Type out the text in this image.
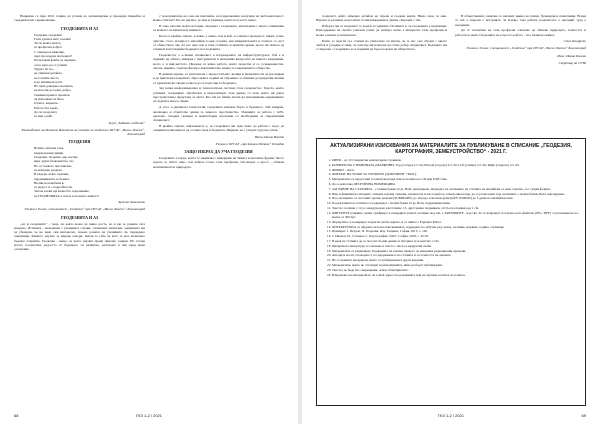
Надяваме се през 2021 година да успеем да организираме и проведем mъщебно и съдържателно съревнование.

ГЕОДЕЗИЯТА И АЗ

Геодезия, геодезия!

Гали душата като поезия!

Ти си моята мечта,

за професия добра!

С алидада и нивелир,

през прозореца погледнат!

Получавам факти за черпене,

а все едно да се учиме!

Трудът бе по-,

да снимаш детайла,

на точните места

и да напишеш кота!

Но щом довърша поезията,

на мен ми досадно-добро.

Снимки правя в проекти,

си изпълвам си бяло.

Отчета, карнети...

Работа без край...

Да си геодезист,

за мен е рай!

Клуб „Забавна геодезия“

Ръководител на Игнатов Валентин за ученика по геодезия в ПГСАГ „Васил Левски“, Благоевград

ГЕОДЕЗИЯ

Всичко започва така,

първи крачки зрими.

Геодезия, ти ценно дар носиш

вяра чудна безкористно със.

Но за тънкото пресмятане

не измерих раздела.

В кадъра, която правиш,

предизвикател за белите.

Вълни на влюбени в,

за радост и с подробности.

Затова всеки ще казва без задължение,

не ГЕОДЕЗИЯТА в полза за всекиго живота!

Христо Чавелинов

Ученик в 8 клас, специалност „Геодезия“ при ПГСАГ „Васил Левски“, Благоевград

ГЕОДЕЗИЯТА И АЗ

„Аз и геодезията“ - тема, по която може да пиша доста, но я ще се радвам сега искрено. Истината - изпълнена с учениците случки, спомените изпеламе, оживените ми да убеждам, че не щом съм интересно, знаеш, разказа на учениците си, предадено завещание. Каквото научих за мерене отвори, мисля за себе си като за мое възможно бъдещо откритие. Геодезия - нещо, за което научих преди няколко години. Но тогава когато почувствах радостта от бъдещото си развитие, разгледах в нея пред мене осъзнание.

с тези приятели, не само ме замотваха, но и вдъхновиха и научиха на любознателност. Какво стигнах? После научих, че има и ученици, които под често нещо.

И така започна моята история, свързана с геодезията, изпъльнена с много занимание за вечната си мисия към знанието.

Което в крайна сметка, и какво у какво съм и кой, за генерал преданост, нямах точно чувство. Сега, всъщност, мислейки за нея осъзнах, как измервателната и точност са част от обществото ми. Аз все още съм в това стабилно и приятно време, което ни помага да открием и изследваме бъдещето на геодезията.

Геодезистът е основен специалист в изграждането на инфраструктурата. Той е и първият на обекта, измерва с инструменти и изпълнява въпросите на нашето ежедневие, което е и най-чистото. Прадове за всяка работа, която пораства и се усъвършенства. Затова, именно, тази професия е изключително важна за съвременното общество.

В днешно време, аз разполагам с предостатъчно знания и възможности да изследвам и да прилагам геодезията. През моите години на обучение се опитвам да придобия знания от практическа гледна точка и да се подготвя за бъдещето.

Зад всяка информационна и технологична система стои геодезистът. Хората, които усвояват, съхраняват, обработват и визуализират тези данни, са тези, които ни дават пространствена представа за света. Без тях не бихме могли да изпълняваме ежедневните си задачи в много сфери.

А сега, в днешната технология, геодезията навлиза бързо в бъдещето. Той измерва, анализира и обработва данни за земното пространство. Уменията за работа с GPS, дронове, лазерни скенери и компютърни програми са необходими за съвременния специалист.

В крайна сметка, най-важното е, че геодезията ми дава шанс да работя с хора, да откривам нови неща и да оставя следа в бъдещето. Вярвам, че с упорит труд ще успея.

Васил Палов Владов

Ученик в ПГСАГ „Арх Камен Петков“ Пловдив

ЗАЩО ИЗБРАХ ДА УЧА ГЕОДЕЗИЯ

Геодезията е наука, която се занимава с измерване на Земята и неговите форми. Често хората се питат защо съм избрал точно тази професия. Отговорът е прост - обичам математиката и природата.

68	ГКЗ 1-2 / 2021

геодезист, който измерва детайли на терена и създава карти. Нещо ново за мен. Научих за разлики, които имат точни измерения и данни, свързани с тях.

Изборът ми за геодезист се доказа в годините. Истината е, че геодезията е призвание. Благодарение на своите учители успях да разбера колко е интересна тази професия и колко е важна за всички нас.

Катко за пръсти със стъпки на учителите си мисля, че за нас съм обучен с много любов и усърдие и знам, че това ще ми помогне да стана добър специалист. Бъдещето ми е свързано с геодезията и се надявам да бъда полезен на обществото.

В обществените записки се запазват имена на улици, булеварди и паметници. Всеки от тях е свързан с историята. За всичко това работи геодезистът, а неговият труд е неоценим.

Да се посветиш на тази професия означава да обичаш природата, точността и работата в екип. Геодезията не е просто работа - тя е начин на живот.

Стел Кацарски

Ученик в 9 клас, специалност „Геодезия“ при ПГСАГ „Васил Левски“ Благоевград

Инж. Ивана Колева

Секретар на СГЗБ

АКТУАЛИЗИРАНИ ИЗИСКВАНИЯ ЗА МАТЕРИАЛИТЕ ЗА ПУБЛИКУВАНЕ В СПИСАНИЕ „ГЕОДЕЗИЯ, КАРТОГРАФИЯ, ЗЕМЕУСТРОЙСТВО“ - 2021 Г.
1. ОБЕМ - до 10 стандартни компютърни страници.
2. РАЗМЕРИ НА СТРАНИЦАТА (МАРЖОВЕ): Top (отгоре) 2,5 cm; Bottom (отдолу) 2,5 cm; Left (отляво) 2,5 cm; Right (отдясно) 2,5 cm.
3. ШРИФТ - Arial.
4. ФОРМАТ НА WORD ЗА WINDOWS (ДОКУМЕНТ *.DOC).
5. Материалите се представят в електронен вид или по пощата на CD или USB стик.
6. Да се използва ДЕСЕТИЧНА НОМЕРАЦИЯ.
7. ЗАГЛАВИЕ НА СТАТИЯТА - с главни букви 12 pt, Bold, центрирано. Преводът на заглавието на статията на английски се дава отделно, със същия формат.
8. Име и фамилия на авторите, техните научни степени, длъжности и месторабота, електронна поща, да се разположат под заглавието с малки букви, Bold, центрирани.
9. Под заглавието се поставят: кратко резюме (SUMMARY) до 10 реда, ключови думи (KEY WORDS) до 5 думи на английски език.
10. Подзаглавията в статията се подреждат с малки букви 12 pt, Bold, подравнени вляво.
11. Текстът се пише с 12 pt, междуредово разстояние 1,5, двустранно подравнен, отстъп на първия ред 1 cm.
12. ФИГУРИТЕ (снимки, схеми, графики) се номерират и имат заглавие под тях, а ТАБЛИЦИТЕ - над тях. Те се изпращат и отделно като файлове (JPG, TIFF) с резолюция не по-малка от 300 dpi.
13. Формулите се номерират в кръгли скоби, вдясно, и се пишат с Equation Editor.
14. ЛИТЕРАТУРАТА се оформя съгласно изискванията, подредена по азбучен ред: автор, заглавие, издание, година, страници.
15. Примери: 1. Петров, П. Геодезия. Изд. Техника, София, 2015, с. 120.
16. 2. Иванов, И., Стоянов, С. Картография. УАСГ, София, 2018, с. 45-67.
17. В края на статията да се посочат пълни данни за авторите и за контакт с тях.
18. Цитираната литература се означава в текста с числа в квадратни скоби.
19. Материалите се рецензират. Редакцията си запазва правото да извършва редакционни промени.
20. Авторите носят отговорност за съдържанието на статията и за точността на данните.
21. Не се приемат материали, които са публикувани в други издания.
22. Материалите, които не отговарят на изискванията, няма да бъдат публикувани.
23. Текстът да бъде без съкращения, освен общоприетите.
24. Изпращане на материалите: на e-mail адреса на редакцията или на хартиен носител по пощата.
ГКЗ 1-2 / 2021	69
